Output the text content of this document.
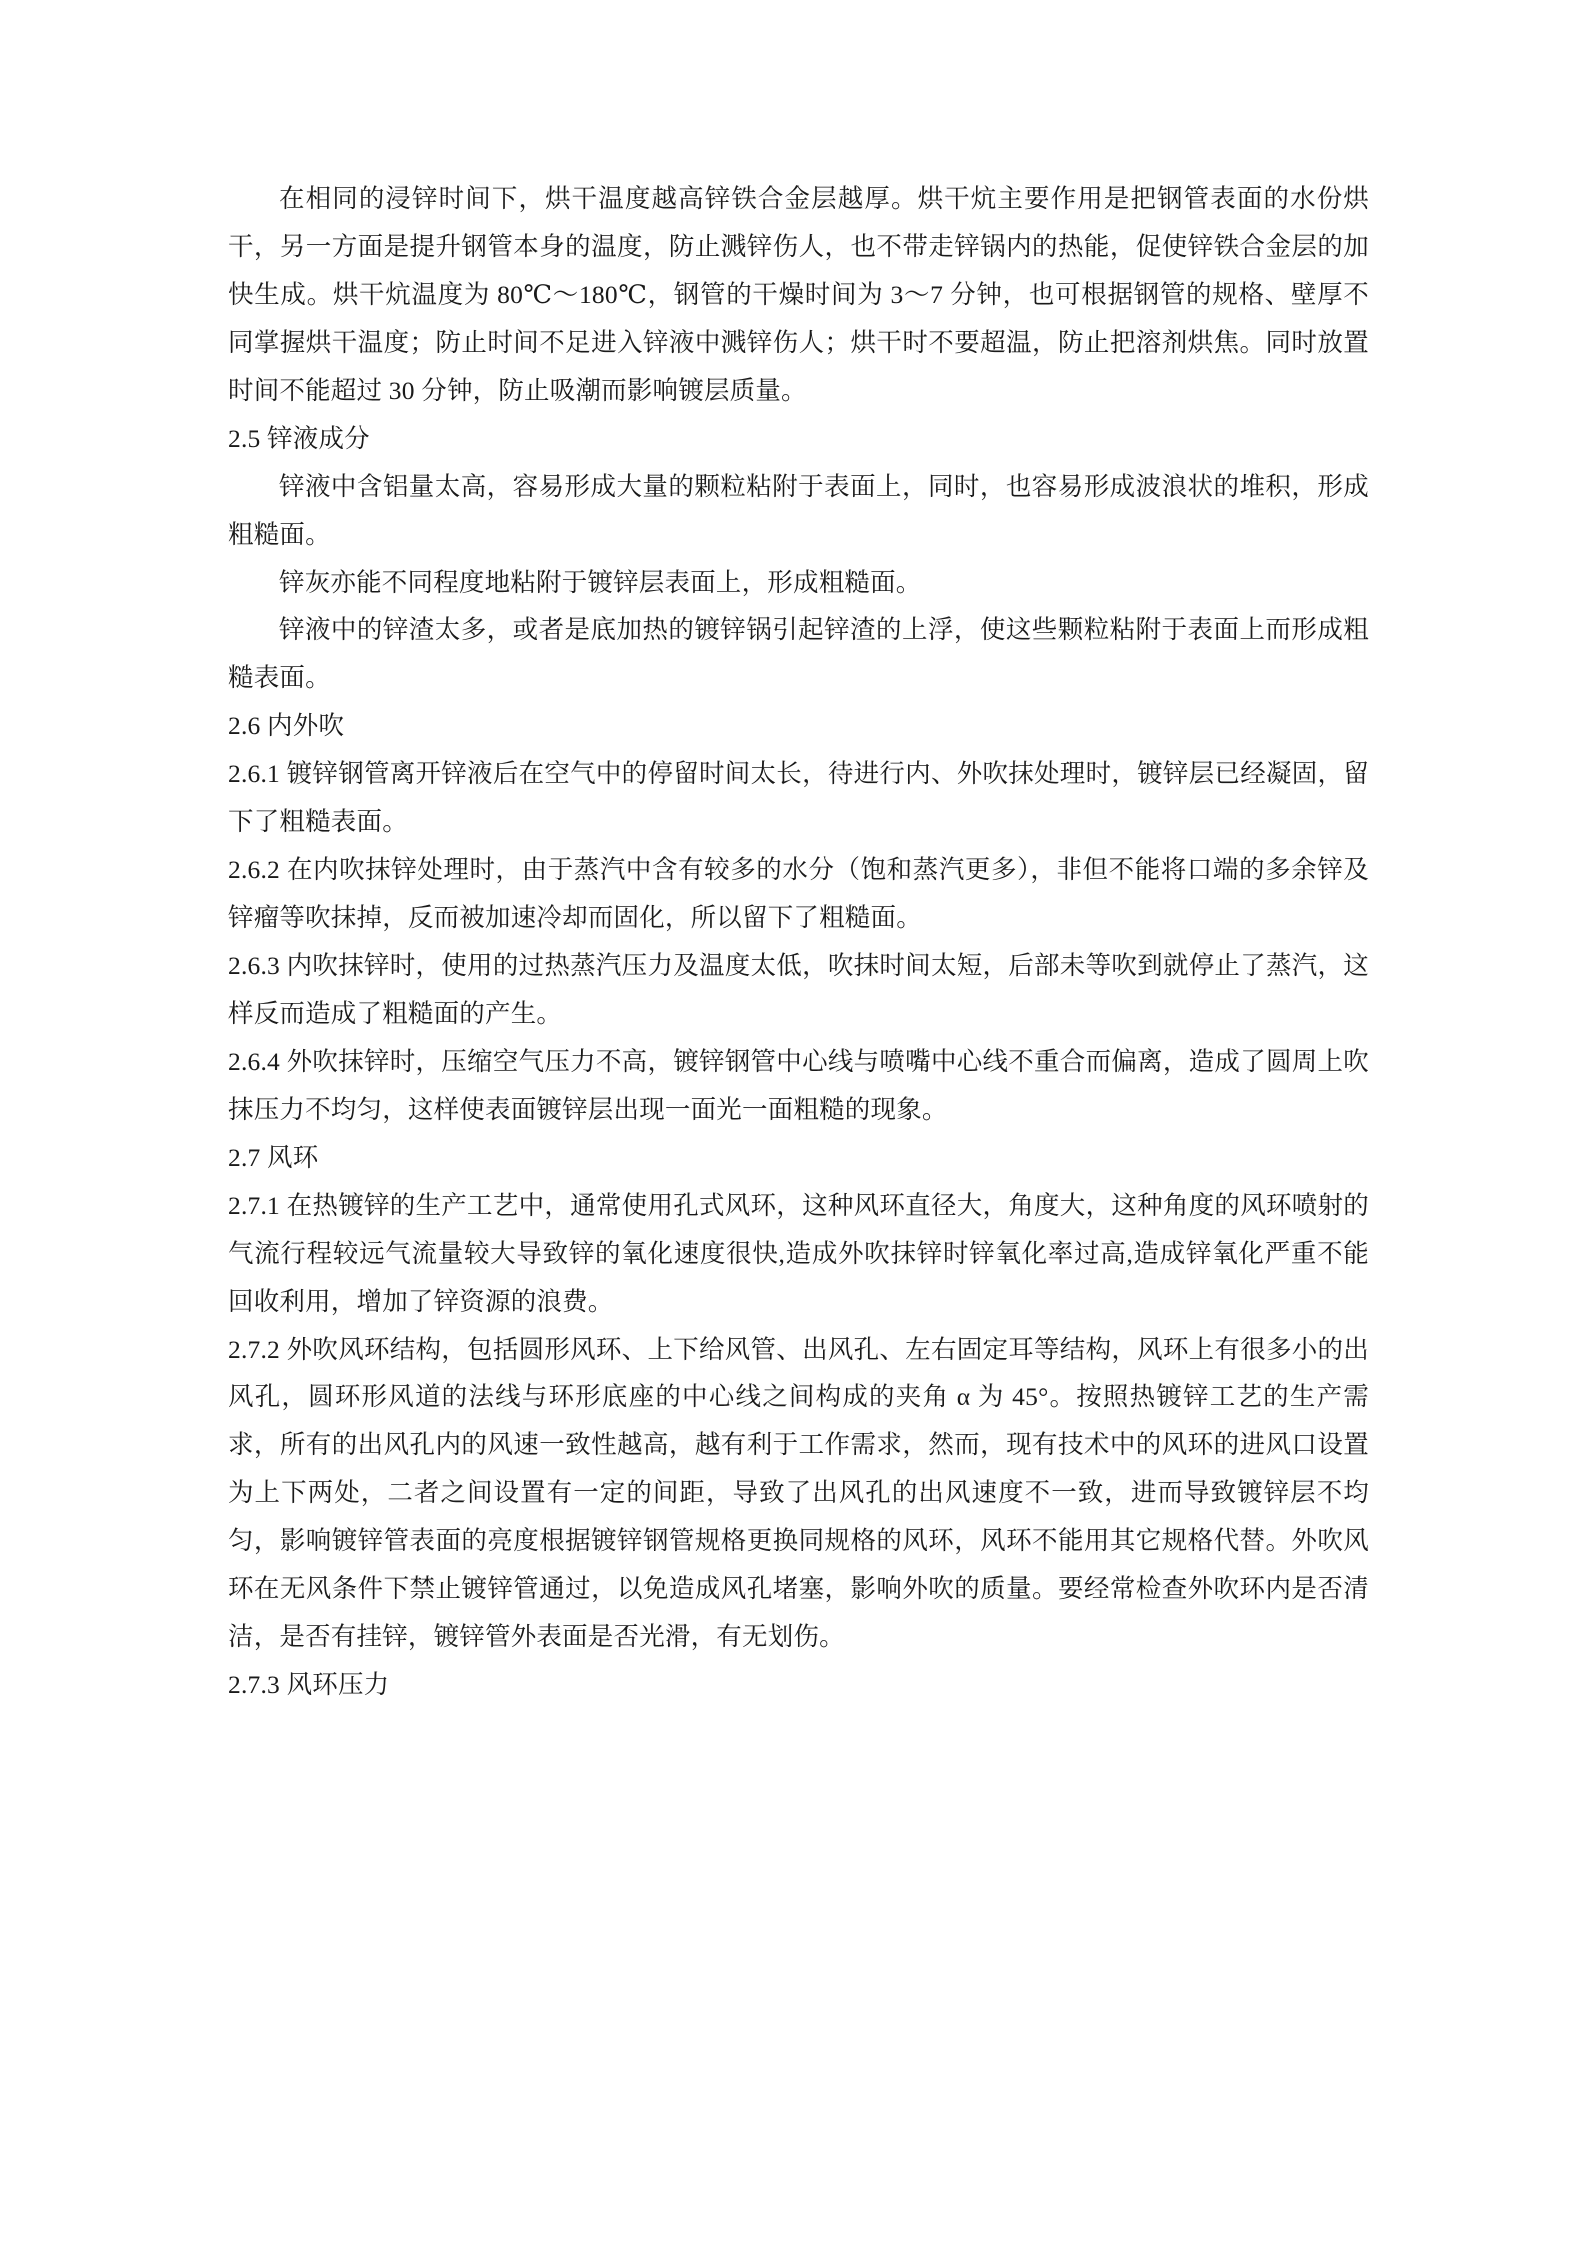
在相同的浸锌时间下，烘干温度越高锌铁合金层越厚。烘干炕主要作用是把钢管表面的水份烘干，另一方面是提升钢管本身的温度，防止溅锌伤人，也不带走锌锅内的热能，促使锌铁合金层的加快生成。烘干炕温度为 80℃～180℃，钢管的干燥时间为 3～7 分钟，也可根据钢管的规格、壁厚不同掌握烘干温度；防止时间不足进入锌液中溅锌伤人；烘干时不要超温，防止把溶剂烘焦。同时放置时间不能超过 30 分钟，防止吸潮而影响镀层质量。

2.5 锌液成分

锌液中含铝量太高，容易形成大量的颗粒粘附于表面上，同时，也容易形成波浪状的堆积，形成粗糙面。

锌灰亦能不同程度地粘附于镀锌层表面上，形成粗糙面。

锌液中的锌渣太多，或者是底加热的镀锌锅引起锌渣的上浮，使这些颗粒粘附于表面上而形成粗糙表面。

2.6 内外吹

2.6.1 镀锌钢管离开锌液后在空气中的停留时间太长，待进行内、外吹抹处理时，镀锌层已经凝固，留下了粗糙表面。

2.6.2 在内吹抹锌处理时，由于蒸汽中含有较多的水分（饱和蒸汽更多），非但不能将口端的多余锌及锌瘤等吹抹掉，反而被加速冷却而固化，所以留下了粗糙面。

2.6.3 内吹抹锌时，使用的过热蒸汽压力及温度太低，吹抹时间太短，后部未等吹到就停止了蒸汽，这样反而造成了粗糙面的产生。

2.6.4 外吹抹锌时，压缩空气压力不高，镀锌钢管中心线与喷嘴中心线不重合而偏离，造成了圆周上吹抹压力不均匀，这样使表面镀锌层出现一面光一面粗糙的现象。

2.7 风环

2.7.1 在热镀锌的生产工艺中，通常使用孔式风环，这种风环直径大，角度大，这种角度的风环喷射的气流行程较远气流量较大导致锌的氧化速度很快,造成外吹抹锌时锌氧化率过高,造成锌氧化严重不能回收利用，增加了锌资源的浪费。

2.7.2 外吹风环结构，包括圆形风环、上下给风管、出风孔、左右固定耳等结构，风环上有很多小的出风孔，圆环形风道的法线与环形底座的中心线之间构成的夹角 α 为 45°。按照热镀锌工艺的生产需求，所有的出风孔内的风速一致性越高，越有利于工作需求，然而，现有技术中的风环的进风口设置为上下两处，二者之间设置有一定的间距，导致了出风孔的出风速度不一致，进而导致镀锌层不均匀，影响镀锌管表面的亮度根据镀锌钢管规格更换同规格的风环，风环不能用其它规格代替。外吹风环在无风条件下禁止镀锌管通过，以免造成风孔堵塞，影响外吹的质量。要经常检查外吹环内是否清洁，是否有挂锌，镀锌管外表面是否光滑，有无划伤。

2.7.3 风环压力
